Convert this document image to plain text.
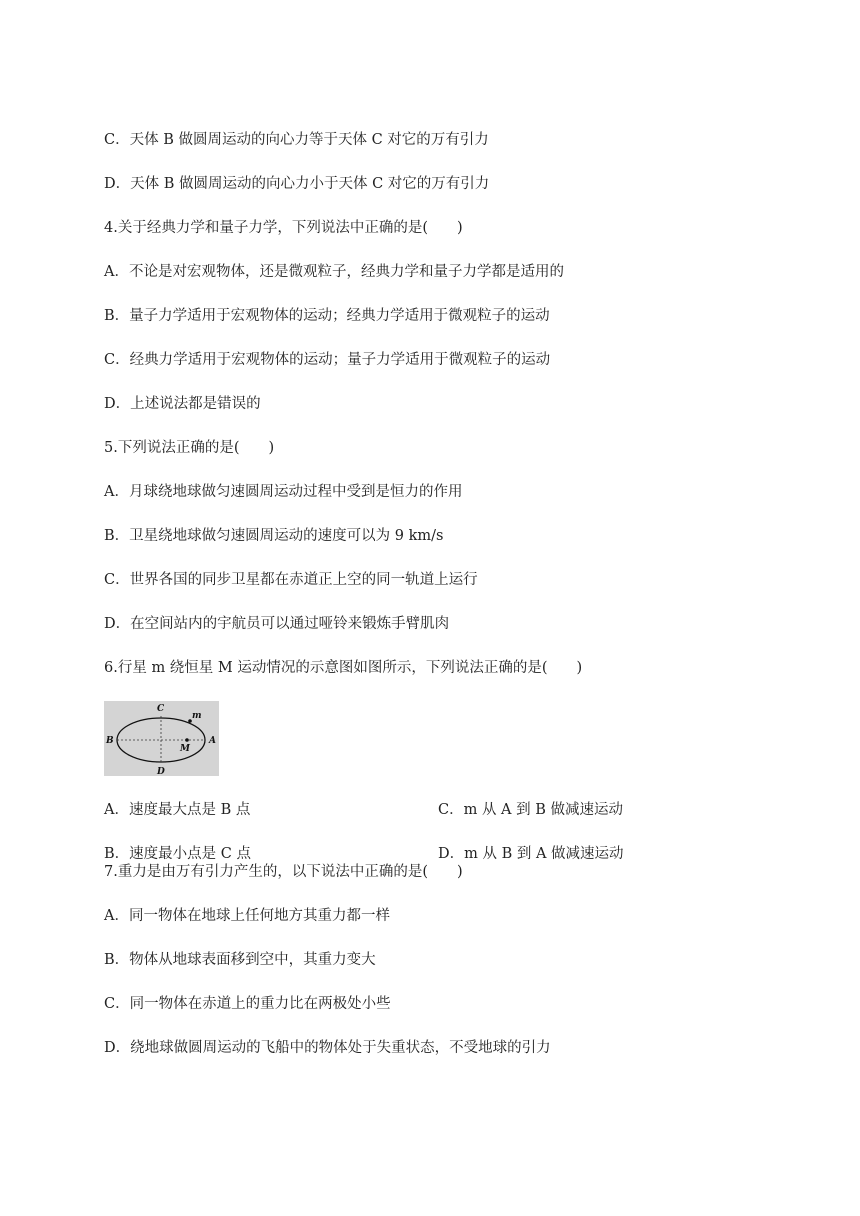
C．天体 B 做圆周运动的向心力等于天体 C 对它的万有引力
D．天体 B 做圆周运动的向心力小于天体 C 对它的万有引力
4.关于经典力学和量子力学，下列说法中正确的是(　　)
A．不论是对宏观物体，还是微观粒子，经典力学和量子力学都是适用的
B．量子力学适用于宏观物体的运动；经典力学适用于微观粒子的运动
C．经典力学适用于宏观物体的运动；量子力学适用于微观粒子的运动
D．上述说法都是错误的
5.下列说法正确的是(　　)
A．月球绕地球做匀速圆周运动过程中受到是恒力的作用
B．卫星绕地球做匀速圆周运动的速度可以为 9 km/s
C．世界各国的同步卫星都在赤道正上空的同一轨道上运行
D．在空间站内的宇航员可以通过哑铃来锻炼手臂肌肉
6.行星 m 绕恒星 M 运动情况的示意图如图所示，下列说法正确的是(　　)
C
D
B	A
m
M
A．速度最大点是 B 点	C．m 从 A 到 B 做减速运动
B．速度最小点是 C 点	D．m 从 B 到 A 做减速运动
7.重力是由万有引力产生的，以下说法中正确的是(　　)
A．同一物体在地球上任何地方其重力都一样
B．物体从地球表面移到空中，其重力变大
C．同一物体在赤道上的重力比在两极处小些
D．绕地球做圆周运动的飞船中的物体处于失重状态，不受地球的引力
